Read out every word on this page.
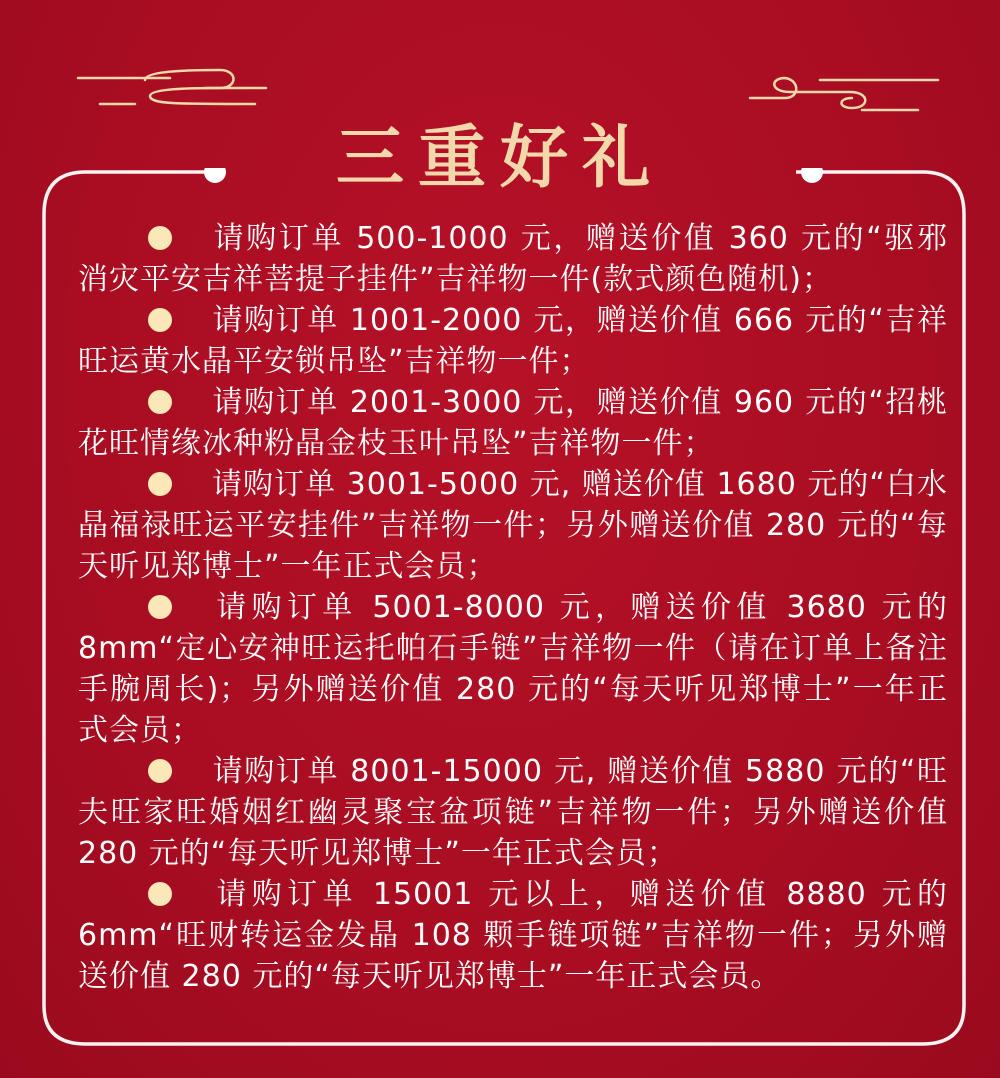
三重好礼

请购订单 500-1000 元，赠送价值 360 元的“驱邪消灾平安吉祥菩提子挂件”吉祥物一件(款式颜色随机)；

请购订单 1001-2000 元，赠送价值 666 元的“吉祥旺运黄水晶平安锁吊坠”吉祥物一件；

请购订单 2001-3000 元，赠送价值 960 元的“招桃花旺情缘冰种粉晶金枝玉叶吊坠”吉祥物一件；

请购订单 3001-5000 元, 赠送价值 1680 元的“白水晶福禄旺运平安挂件”吉祥物一件；另外赠送价值 280 元的“每天听见郑博士”一年正式会员；

请购订单 5001-8000 元，赠送价值 3680 元的 8mm“定心安神旺运托帕石手链”吉祥物一件（请在订单上备注手腕周长)；另外赠送价值 280 元的“每天听见郑博士”一年正式会员；

请购订单 8001-15000 元, 赠送价值 5880 元的“旺夫旺家旺婚姻红幽灵聚宝盆项链”吉祥物一件；另外赠送价值 280 元的“每天听见郑博士”一年正式会员；

请购订单 15001 元以上，赠送价值 8880 元的 6mm“旺财转运金发晶 108 颗手链项链”吉祥物一件；另外赠送价值 280 元的“每天听见郑博士”一年正式会员。
